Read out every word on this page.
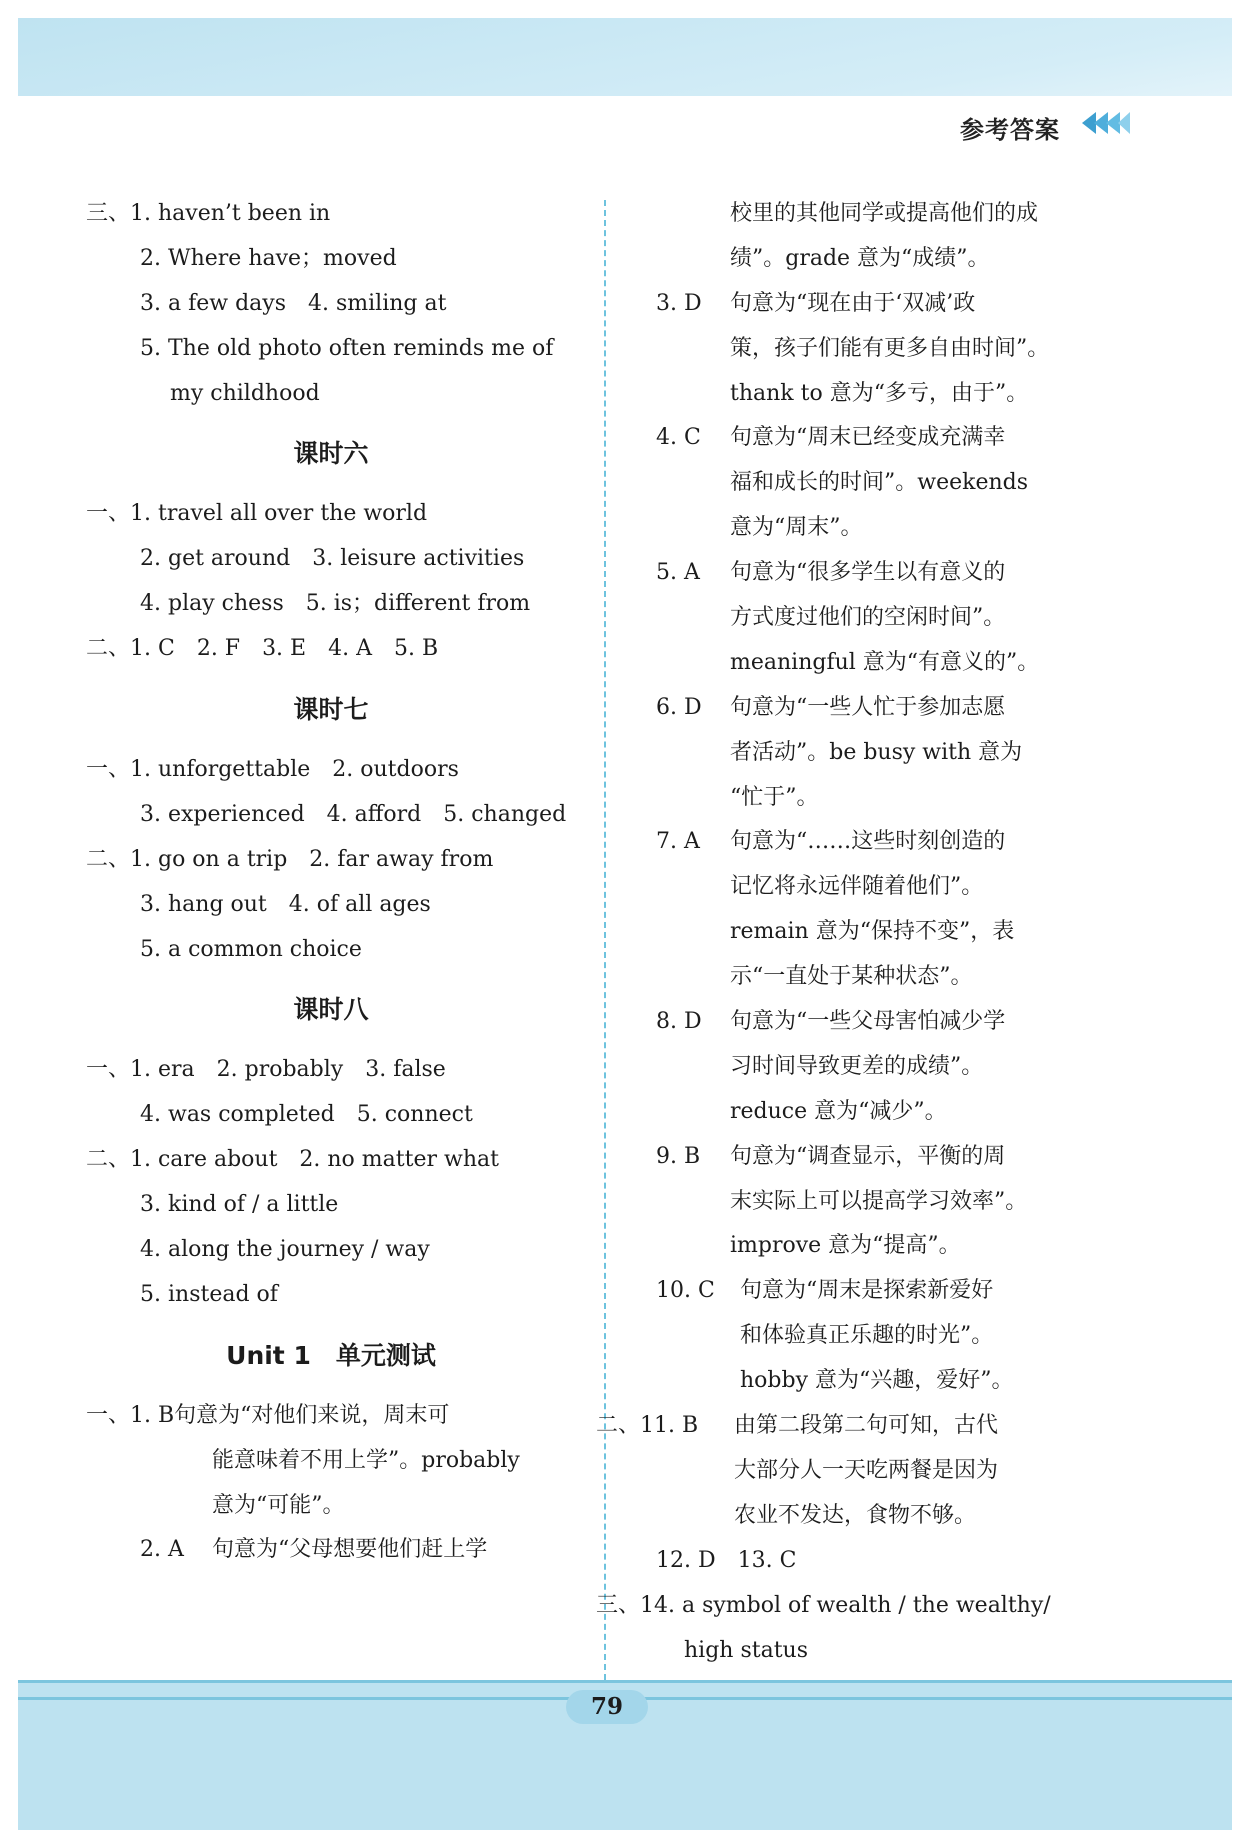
参考答案
三、1. haven’t been in
2. Where have；moved
3. a few days　4. smiling at
5. The old photo often reminds me of
my childhood
课时六
一、1. travel all over the world
2. get around　3. leisure activities
4. play chess　5. is；different from
二、1. C　2. F　3. E　4. A　5. B
课时七
一、1. unforgettable　2. outdoors
3. experienced　4. afford　5. changed
二、1. go on a trip　2. far away from
3. hang out　4. of all ages
5. a common choice
课时八
一、1. era　2. probably　3. false
4. was completed　5. connect
二、1. care about　2. no matter what
3. kind of / a little
4. along the journey / way
5. instead of
Unit 1　单元测试
一、1. B句意为“对他们来说，周末可
能意味着不用上学”。probably
意为“可能”。
2. A 句意为“父母想要他们赶上学
校里的其他同学或提高他们的成
绩”。grade 意为“成绩”。
3. D 句意为“现在由于‘双减’政
策，孩子们能有更多自由时间”。
thank to 意为“多亏，由于”。
4. C 句意为“周末已经变成充满幸
福和成长的时间”。weekends
意为“周末”。
5. A 句意为“很多学生以有意义的
方式度过他们的空闲时间”。
meaningful 意为“有意义的”。
6. D 句意为“一些人忙于参加志愿
者活动”。be busy with 意为
“忙于”。
7. A 句意为“……这些时刻创造的
记忆将永远伴随着他们”。
remain 意为“保持不变”，表
示“一直处于某种状态”。
8. D 句意为“一些父母害怕减少学
习时间导致更差的成绩”。
reduce 意为“减少”。
9. B 句意为“调查显示，平衡的周
末实际上可以提高学习效率”。
improve 意为“提高”。
10. C 句意为“周末是探索新爱好
和体验真正乐趣的时光”。
hobby 意为“兴趣，爱好”。
二、11. B 由第二段第二句可知，古代
大部分人一天吃两餐是因为
农业不发达，食物不够。
12. D　13. C
三、14. a symbol of wealth / the wealthy/
high status
79
